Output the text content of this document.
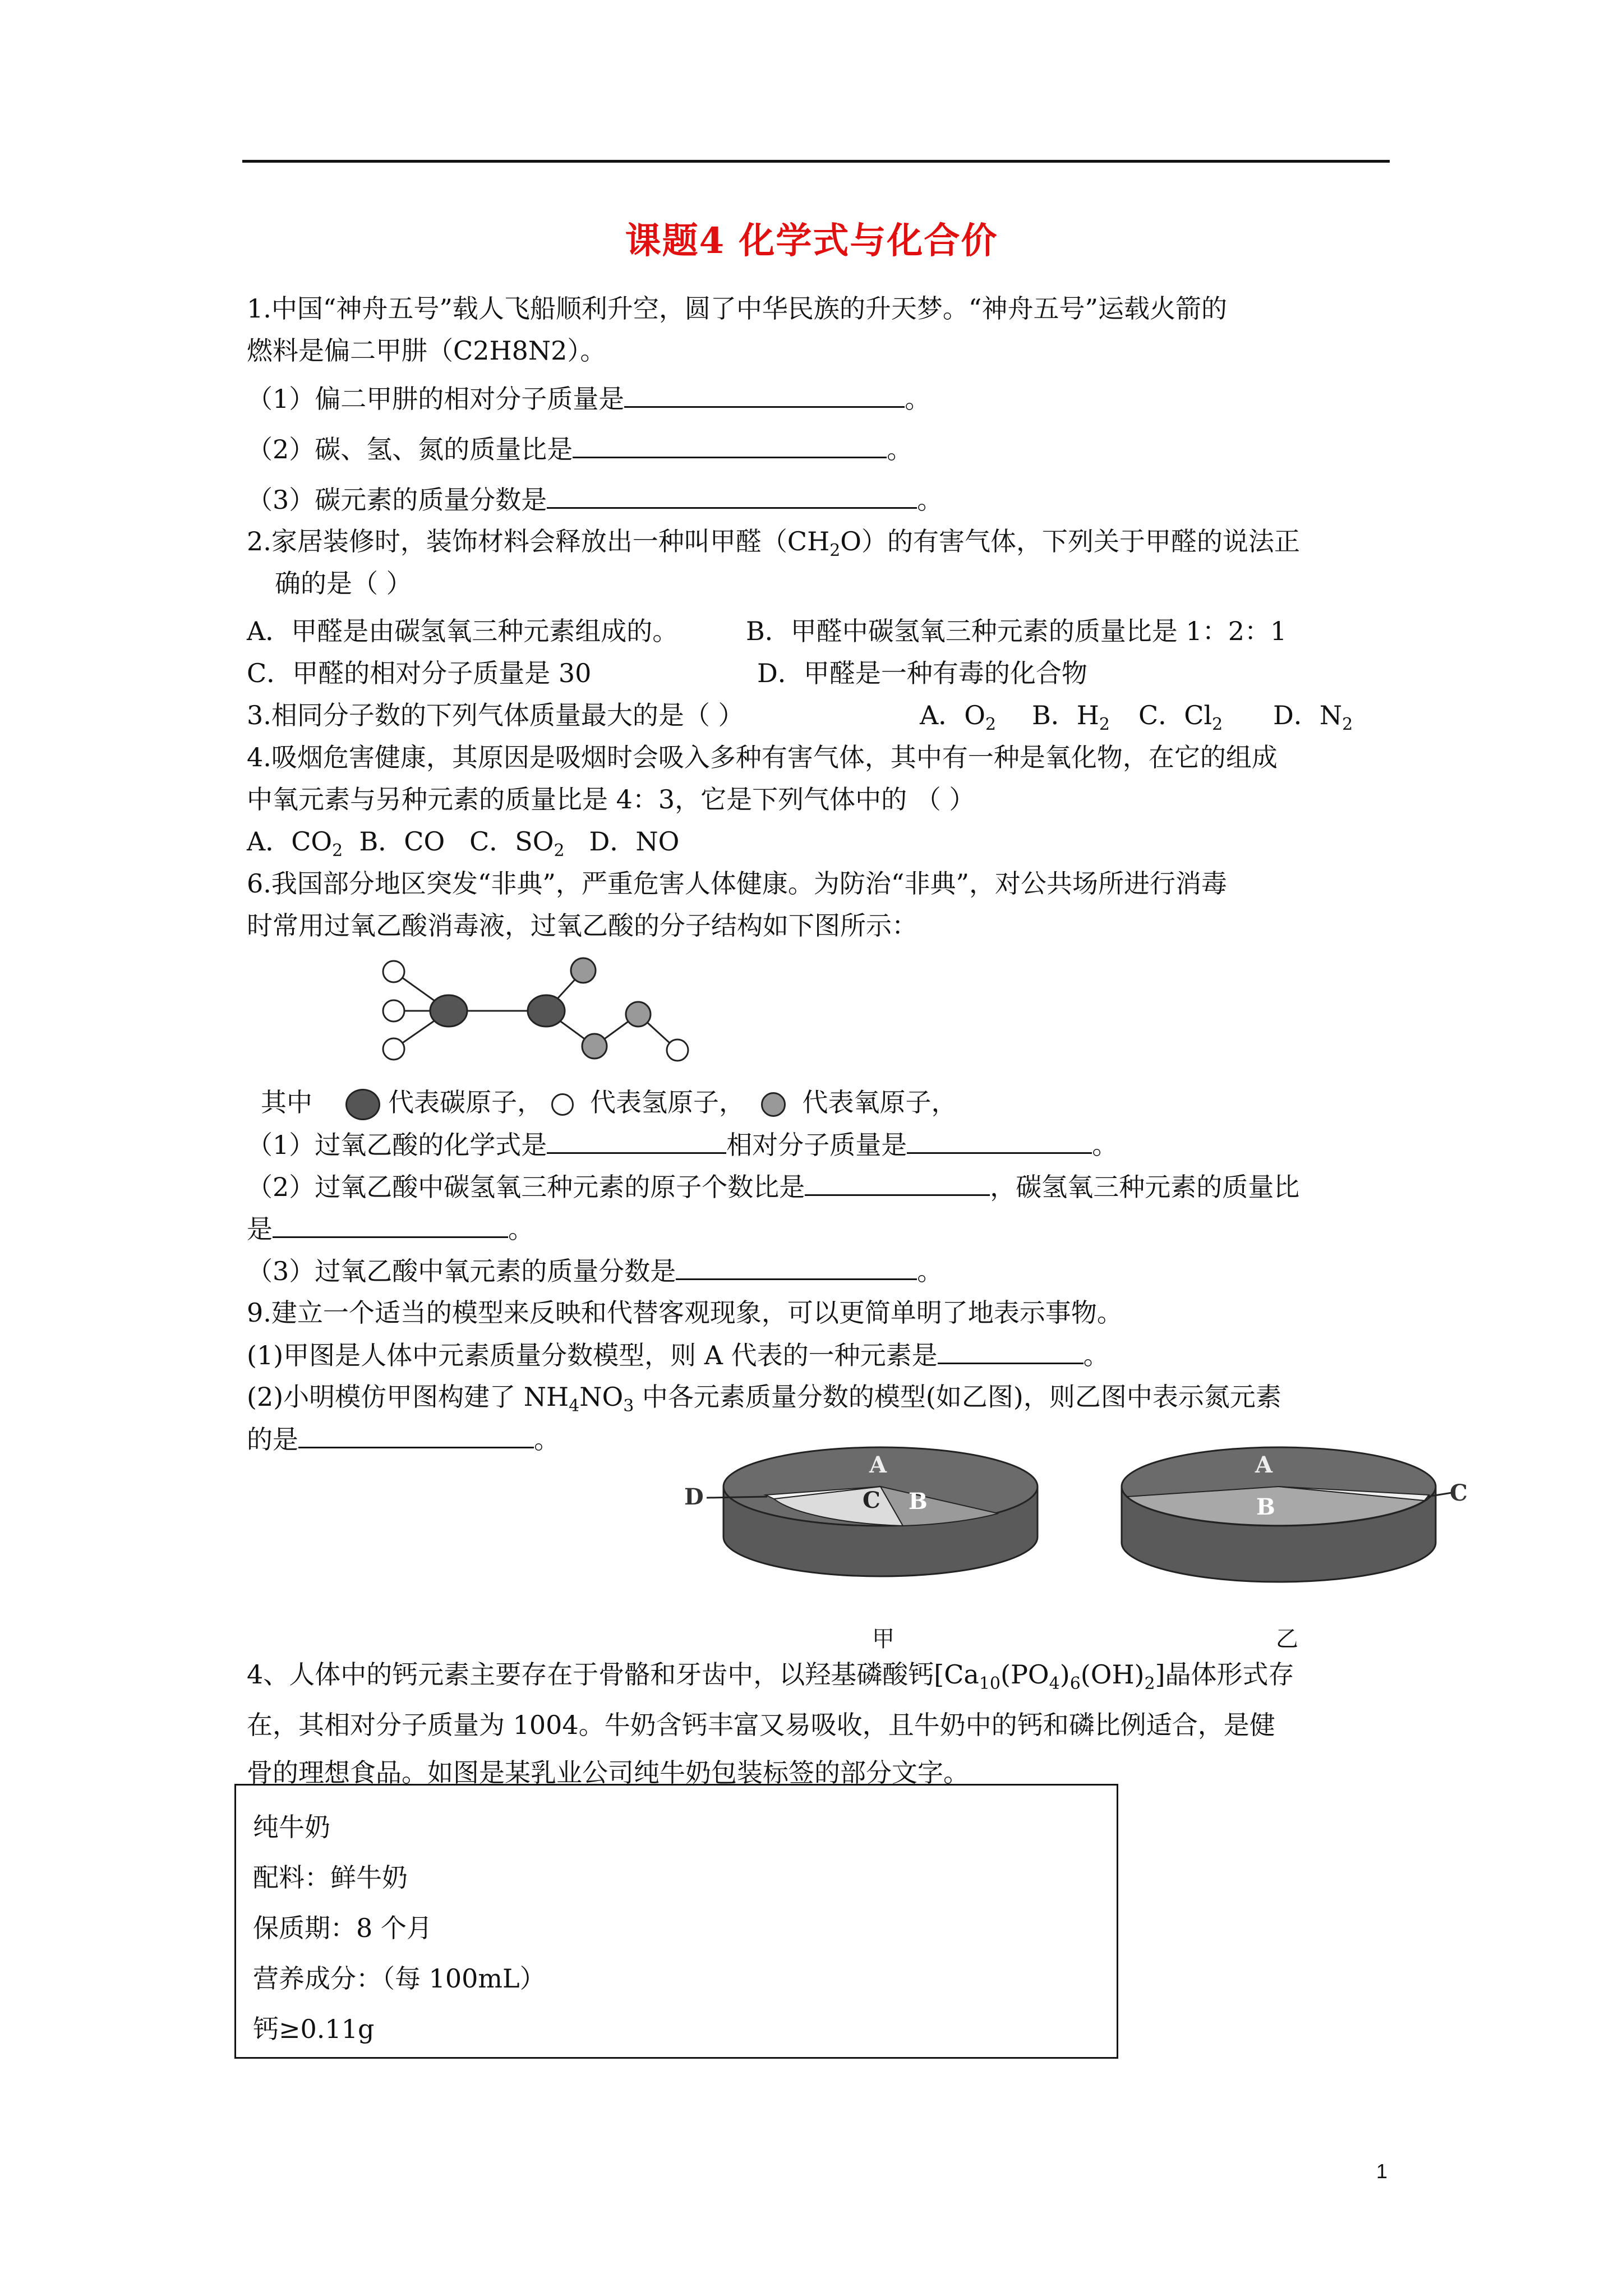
课题4 化学式与化合价
1.中国“神舟五号”载人飞船顺利升空，圆了中华民族的升天梦。“神舟五号”运载火箭的
燃料是偏二甲肼（C2H8N2）。
（1）偏二甲肼的相对分子质量是	。
（2）碳、氢、氮的质量比是	。
（3）碳元素的质量分数是	。
2.家居装修时，装饰材料会释放出一种叫甲醛$(CH_2O)$的有害气体，下列关于甲醛的说法正
确的是（ ）
A．甲醛是由碳氢氧三种元素组成的。	B．甲醛中碳氢氧三种元素的质量比是 1：2：1
C．甲醛的相对分子质量是 30	D．甲醛是一种有毒的化合物
3.相同分子数的下列气体质量最大的是（ ）	A．$O_2$ B．$H_2$ C．$Cl_2$ D．$N_2$
4.吸烟危害健康，其原因是吸烟时会吸入多种有害气体，其中有一种是氧化物，在它的组成
中氧元素与另种元素的质量比是 4：3，它是下列气体中的 （ ）
A．$CO_2$ B．CO C．$SO_2$ D．NO
6.我国部分地区突发“非典”，严重危害人体健康。为防治“非典”，对公共场所进行消毒
时常用过氧乙酸消毒液，过氧乙酸的分子结构如下图所示：
其中	代表碳原子， 代表氢原子， 代表氧原子，
（1）过氧乙酸的化学式是	相对分子质量是	。
（2）过氧乙酸中碳氢氧三种元素的原子个数比是	，碳氢氧三种元素的质量比
是	。
（3）过氧乙酸中氧元素的质量分数是	。
9.建立一个适当的模型来反映和代替客观现象，可以更简单明了地表示事物。
(1)甲图是人体中元素质量分数模型，则 A 代表的一种元素是	。
(2)小明模仿甲图构建了 $NH_4NO_3$ 中各元素质量分数的模型(如乙图)，则乙图中表示氮元素
的是	。
A
B
C
D
甲
A
B
C
乙
4、人体中的钙元素主要存在于骨骼和牙齿中，以羟基磷酸钙$[Ca_{10}(PO_4)_6(OH)_2]$晶体形式存
在，其相对分子质量为 1004。牛奶含钙丰富又易吸收，且牛奶中的钙和磷比例适合，是健
骨的理想食品。如图是某乳业公司纯牛奶包装标签的部分文字。
纯牛奶
配料：鲜牛奶
保质期：8 个月
营养成分：（每 100mL）
钙≥0.11g
1
